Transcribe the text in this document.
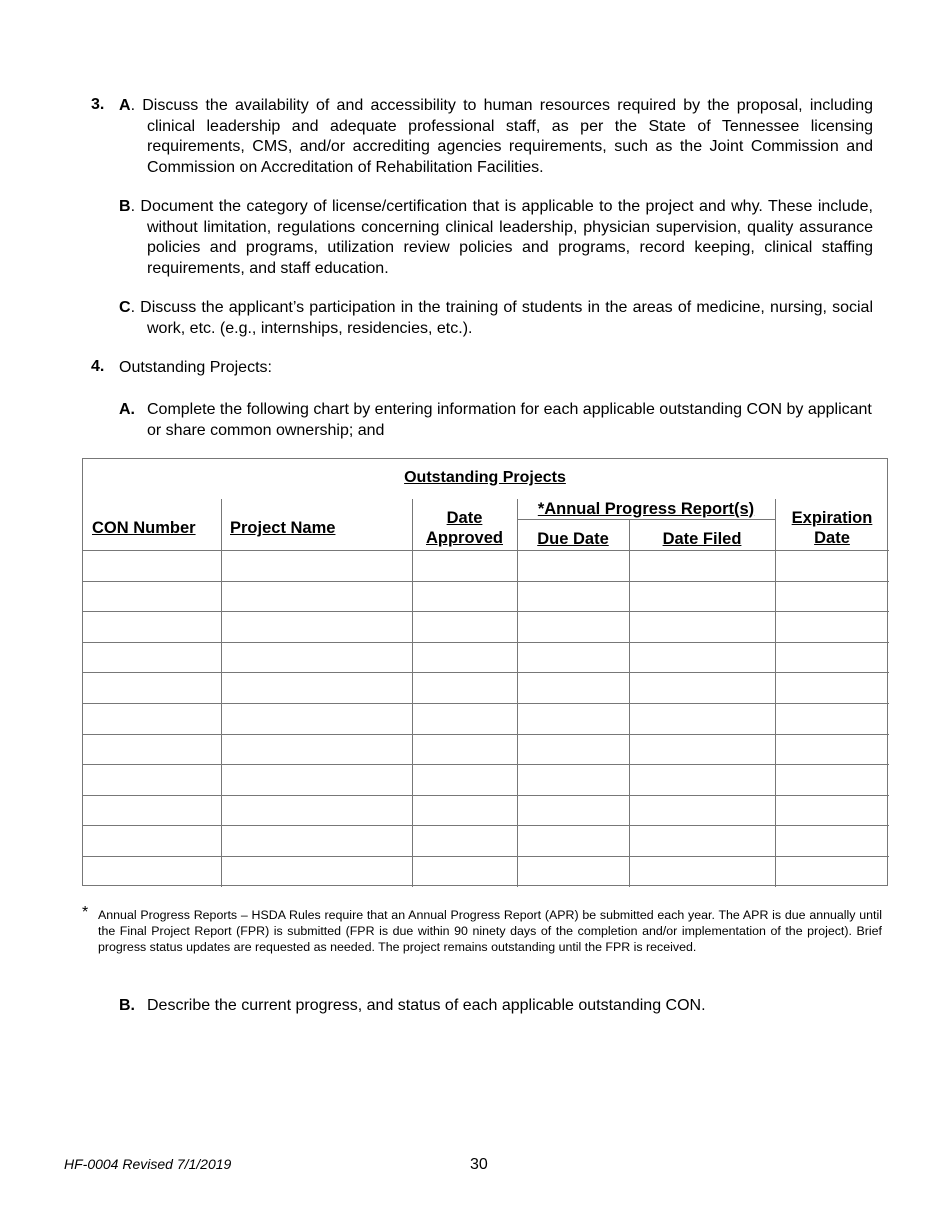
3. A. Discuss the availability of and accessibility to human resources required by the proposal, including clinical leadership and adequate professional staff, as per the State of Tennessee licensing requirements, CMS, and/or accrediting agencies requirements, such as the Joint Commission and Commission on Accreditation of Rehabilitation Facilities.
B. Document the category of license/certification that is applicable to the project and why. These include, without limitation, regulations concerning clinical leadership, physician supervision, quality assurance policies and programs, utilization review policies and programs, record keeping, clinical staffing requirements, and staff education.
C. Discuss the applicant’s participation in the training of students in the areas of medicine, nursing, social work, etc. (e.g., internships, residencies, etc.).
4. Outstanding Projects:
A. Complete the following chart by entering information for each applicable outstanding CON by applicant or share common ownership; and
Outstanding Projects
CON Number Project Name
Date
Approved
*Annual Progress Report(s)
Due Date	Date Filed
Expiration
Date
* Annual Progress Reports – HSDA Rules require that an Annual Progress Report (APR) be submitted each year. The APR is due annually until the Final Project Report (FPR) is submitted (FPR is due within 90 ninety days of the completion and/or implementation of the project). Brief progress status updates are requested as needed. The project remains outstanding until the FPR is received.
B. Describe the current progress, and status of each applicable outstanding CON.
HF-0004 Revised 7/1/2019	30
